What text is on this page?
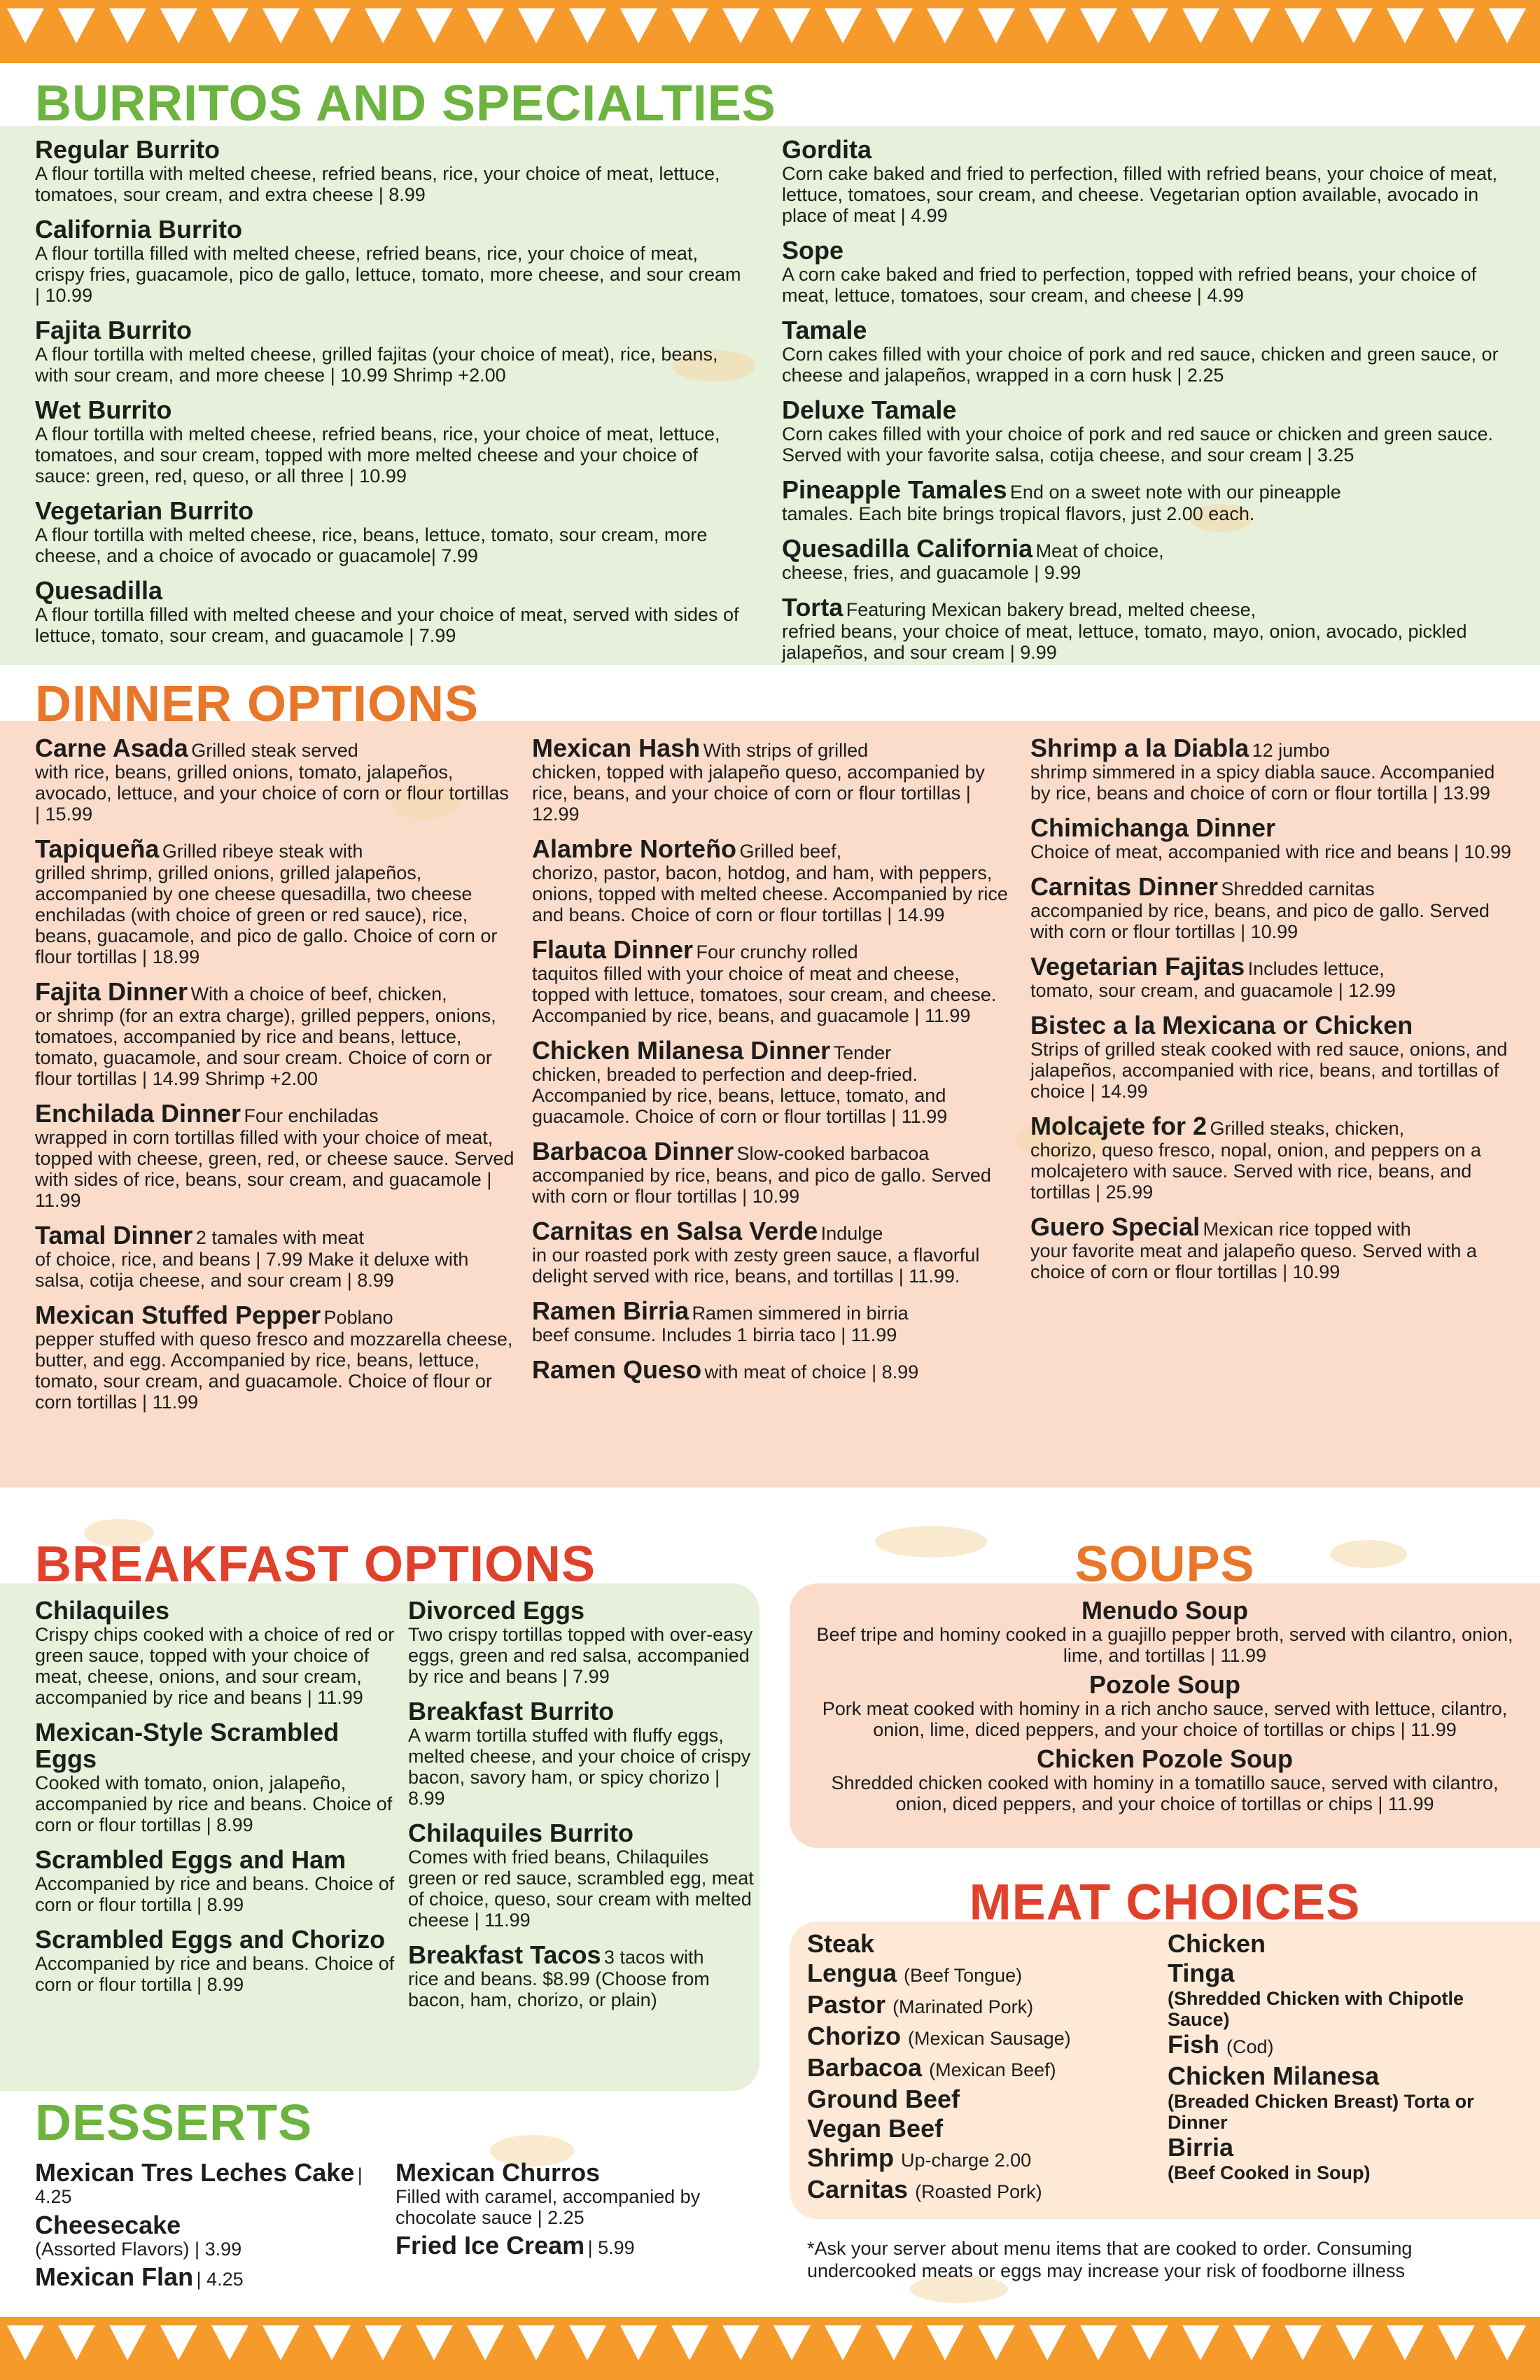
BURRITOS AND SPECIALTIES
Regular Burrito
A flour tortilla with melted cheese, refried beans, rice, your choice of meat, lettuce, tomatoes, sour cream, and extra cheese | 8.99
California Burrito
A flour tortilla filled with melted cheese, refried beans, rice, your choice of meat, crispy fries, guacamole, pico de gallo, lettuce, tomato, more cheese, and sour cream | 10.99
Fajita Burrito
A flour tortilla with melted cheese, grilled fajitas (your choice of meat), rice, beans, with sour cream, and more cheese | 10.99 Shrimp +2.00
Wet Burrito
A flour tortilla with melted cheese, refried beans, rice, your choice of meat, lettuce, tomatoes, and sour cream, topped with more melted cheese and your choice of sauce: green, red, queso, or all three | 10.99
Vegetarian Burrito
A flour tortilla with melted cheese, rice, beans, lettuce, tomato, sour cream, more cheese, and a choice of avocado or guacamole| 7.99
Quesadilla
A flour tortilla filled with melted cheese and your choice of meat, served with sides of lettuce, tomato, sour cream, and guacamole | 7.99
Gordita
Corn cake baked and fried to perfection, filled with refried beans, your choice of meat, lettuce, tomatoes, sour cream, and cheese. Vegetarian option available, avocado in place of meat | 4.99
Sope
A corn cake baked and fried to perfection, topped with refried beans, your choice of meat, lettuce, tomatoes, sour cream, and cheese | 4.99
Tamale
Corn cakes filled with your choice of pork and red sauce, chicken and green sauce, or cheese and jalapeños, wrapped in a corn husk | 2.25
Deluxe Tamale
Corn cakes filled with your choice of pork and red sauce or chicken and green sauce. Served with your favorite salsa, cotija cheese, and sour cream | 3.25
Pineapple Tamales End on a sweet note with our pineapple
tamales. Each bite brings tropical flavors, just 2.00 each.
Quesadilla California Meat of choice,
cheese, fries, and guacamole | 9.99
Torta Featuring Mexican bakery bread, melted cheese,
refried beans, your choice of meat, lettuce, tomato, mayo, onion, avocado, pickled jalapeños, and sour cream | 9.99
DINNER OPTIONS
Carne Asada Grilled steak served
with rice, beans, grilled onions, tomato, jalapeños, avocado, lettuce, and your choice of corn or flour tortillas | 15.99
Tapiqueña Grilled ribeye steak with
grilled shrimp, grilled onions, grilled jalapeños, accompanied by one cheese quesadilla, two cheese enchiladas (with choice of green or red sauce), rice, beans, guacamole, and pico de gallo. Choice of corn or flour tortillas | 18.99
Fajita Dinner With a choice of beef, chicken,
or shrimp (for an extra charge), grilled peppers, onions, tomatoes, accompanied by rice and beans, lettuce, tomato, guacamole, and sour cream. Choice of corn or flour tortillas | 14.99 Shrimp +2.00
Enchilada Dinner Four enchiladas
wrapped in corn tortillas filled with your choice of meat, topped with cheese, green, red, or cheese sauce. Served with sides of rice, beans, sour cream, and guacamole | 11.99
Tamal Dinner 2 tamales with meat
of choice, rice, and beans | 7.99 Make it deluxe with salsa, cotija cheese, and sour cream | 8.99
Mexican Stuffed Pepper Poblano
pepper stuffed with queso fresco and mozzarella cheese, butter, and egg. Accompanied by rice, beans, lettuce, tomato, sour cream, and guacamole. Choice of flour or corn tortillas | 11.99
Mexican Hash With strips of grilled
chicken, topped with jalapeño queso, accompanied by rice, beans, and your choice of corn or flour tortillas | 12.99
Alambre Norteño Grilled beef,
chorizo, pastor, bacon, hotdog, and ham, with peppers, onions, topped with melted cheese. Accompanied by rice and beans. Choice of corn or flour tortillas | 14.99
Flauta Dinner Four crunchy rolled
taquitos filled with your choice of meat and cheese, topped with lettuce, tomatoes, sour cream, and cheese. Accompanied by rice, beans, and guacamole | 11.99
Chicken Milanesa Dinner Tender
chicken, breaded to perfection and deep-fried. Accompanied by rice, beans, lettuce, tomato, and guacamole. Choice of corn or flour tortillas | 11.99
Barbacoa Dinner Slow-cooked barbacoa
accompanied by rice, beans, and pico de gallo. Served with corn or flour tortillas | 10.99
Carnitas en Salsa Verde Indulge
in our roasted pork with zesty green sauce, a flavorful delight served with rice, beans, and tortillas | 11.99.
Ramen Birria Ramen simmered in birria
beef consume. Includes 1 birria taco | 11.99
Ramen Queso with meat of choice | 8.99
Shrimp a la Diabla 12 jumbo
shrimp simmered in a spicy diabla sauce. Accompanied by rice, beans and choice of corn or flour tortilla | 13.99
Chimichanga Dinner
Choice of meat, accompanied with rice and beans | 10.99
Carnitas Dinner Shredded carnitas
accompanied by rice, beans, and pico de gallo. Served with corn or flour tortillas | 10.99
Vegetarian Fajitas Includes lettuce,
tomato, sour cream, and guacamole | 12.99
Bistec a la Mexicana or Chicken
Strips of grilled steak cooked with red sauce, onions, and jalapeños, accompanied with rice, beans, and tortillas of choice | 14.99
Molcajete for 2 Grilled steaks, chicken,
chorizo, queso fresco, nopal, onion, and peppers on a molcajetero with sauce. Served with rice, beans, and tortillas | 25.99
Guero Special Mexican rice topped with
your favorite meat and jalapeño queso. Served with a choice of corn or flour tortillas | 10.99
BREAKFAST OPTIONS
Chilaquiles
Crispy chips cooked with a choice of red or green sauce, topped with your choice of meat, cheese, onions, and sour cream, accompanied by rice and beans | 11.99
Mexican-Style Scrambled Eggs
Cooked with tomato, onion, jalapeño, accompanied by rice and beans. Choice of corn or flour tortillas | 8.99
Scrambled Eggs and Ham
Accompanied by rice and beans. Choice of corn or flour tortilla | 8.99
Scrambled Eggs and Chorizo
Accompanied by rice and beans. Choice of corn or flour tortilla | 8.99
Divorced Eggs
Two crispy tortillas topped with over-easy eggs, green and red salsa, accompanied by rice and beans | 7.99
Breakfast Burrito
A warm tortilla stuffed with fluffy eggs, melted cheese, and your choice of crispy bacon, savory ham, or spicy chorizo | 8.99
Chilaquiles Burrito
Comes with fried beans, Chilaquiles green or red sauce, scrambled egg, meat of choice, queso, sour cream with melted cheese | 11.99
Breakfast Tacos 3 tacos with
rice and beans. $8.99 (Choose from bacon, ham, chorizo, or plain)
SOUPS
Menudo Soup
Beef tripe and hominy cooked in a guajillo pepper broth, served with cilantro, onion, lime, and tortillas | 11.99
Pozole Soup
Pork meat cooked with hominy in a rich ancho sauce, served with lettuce, cilantro, onion, lime, diced peppers, and your choice of tortillas or chips | 11.99
Chicken Pozole Soup
Shredded chicken cooked with hominy in a tomatillo sauce, served with cilantro, onion, diced peppers, and your choice of tortillas or chips | 11.99
MEAT CHOICES
Steak
Lengua (Beef Tongue)
Pastor (Marinated Pork)
Chorizo (Mexican Sausage)
Barbacoa (Mexican Beef)
Ground Beef
Vegan Beef
Shrimp Up-charge 2.00
Carnitas (Roasted Pork)
Chicken
Tinga
(Shredded Chicken with Chipotle Sauce)
Fish (Cod)
Chicken Milanesa
(Breaded Chicken Breast) Torta or Dinner
Birria
(Beef Cooked in Soup)
*Ask your server about menu items that are cooked to order. Consuming undercooked meats or eggs may increase your risk of foodborne illness
DESSERTS
Mexican Tres Leches Cake | 4.25
Cheesecake
(Assorted Flavors) | 3.99
Mexican Flan | 4.25
Mexican Churros
Filled with caramel, accompanied by chocolate sauce | 2.25
Fried Ice Cream | 5.99
